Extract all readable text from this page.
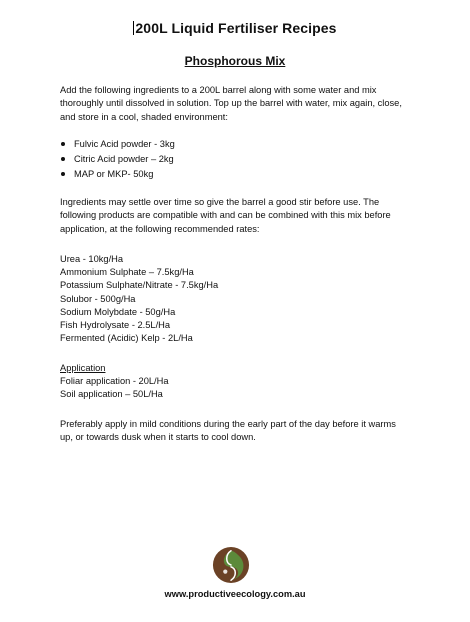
200L Liquid Fertiliser Recipes
Phosphorous Mix
Add the following ingredients to a 200L barrel along with some water and mix thoroughly until dissolved in solution. Top up the barrel with water, mix again, close, and store in a cool, shaded environment:
Fulvic Acid powder - 3kg
Citric Acid powder – 2kg
MAP or MKP- 50kg
Ingredients may settle over time so give the barrel a good stir before use. The following products are compatible with and can be combined with this mix before application, at the following recommended rates:
Urea - 10kg/Ha
Ammonium Sulphate – 7.5kg/Ha
Potassium Sulphate/Nitrate - 7.5kg/Ha
Solubor - 500g/Ha
Sodium Molybdate - 50g/Ha
Fish Hydrolysate - 2.5L/Ha
Fermented (Acidic) Kelp - 2L/Ha
Application
Foliar application - 20L/Ha
Soil application – 50L/Ha
Preferably apply in mild conditions during the early part of the day before it warms up, or towards dusk when it starts to cool down.
www.productiveecology.com.au
